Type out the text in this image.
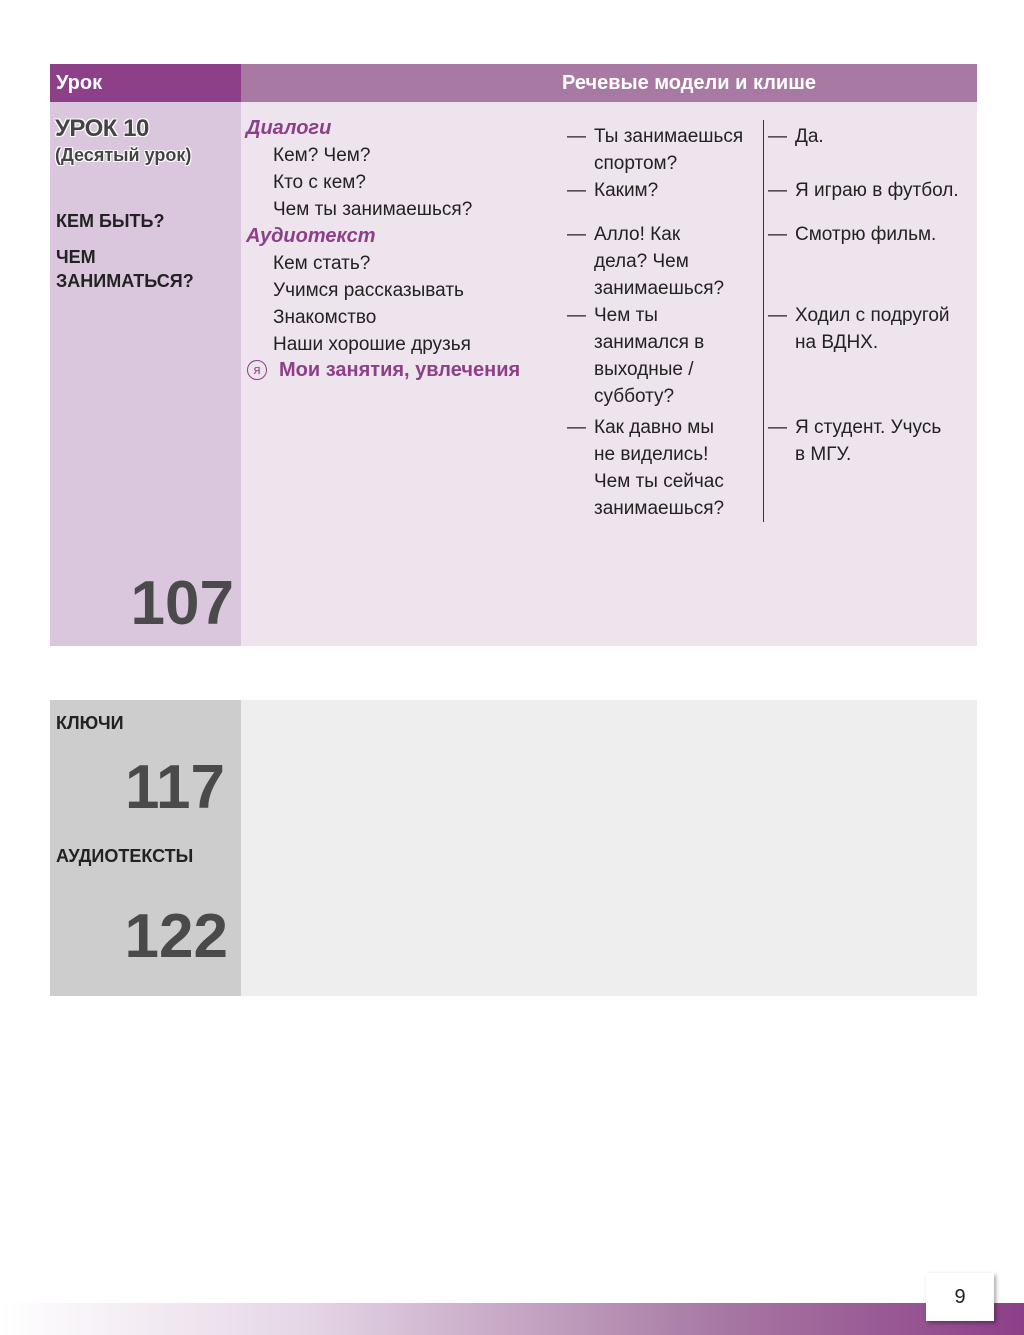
Урок	Речевые модели и клише
УРОК 10
(Десятый урок)
КЕМ БЫТЬ?
ЧЕМ
ЗАНИМАТЬСЯ?
107
Диалоги
Кем? Чем?
Кто с кем?
Чем ты занимаешься?
Аудиотекст
Кем стать?
Учимся рассказывать
Знакомство
Наши хорошие друзья
я Мои занятия, увлечения
— Ты занимаешься спортом?
— Каким?
— Алло! Как дела? Чем занимаешься?
— Чем ты занимался в выходные / субботу?
— Как давно мы не виделись! Чем ты сейчас занимаешься?
— Да.
— Я играю в футбол.
— Смотрю фильм.
— Ходил с подругой на ВДНХ.
— Я студент. Учусь в МГУ.
КЛЮЧИ
117
АУДИОТЕКСТЫ
122
9
